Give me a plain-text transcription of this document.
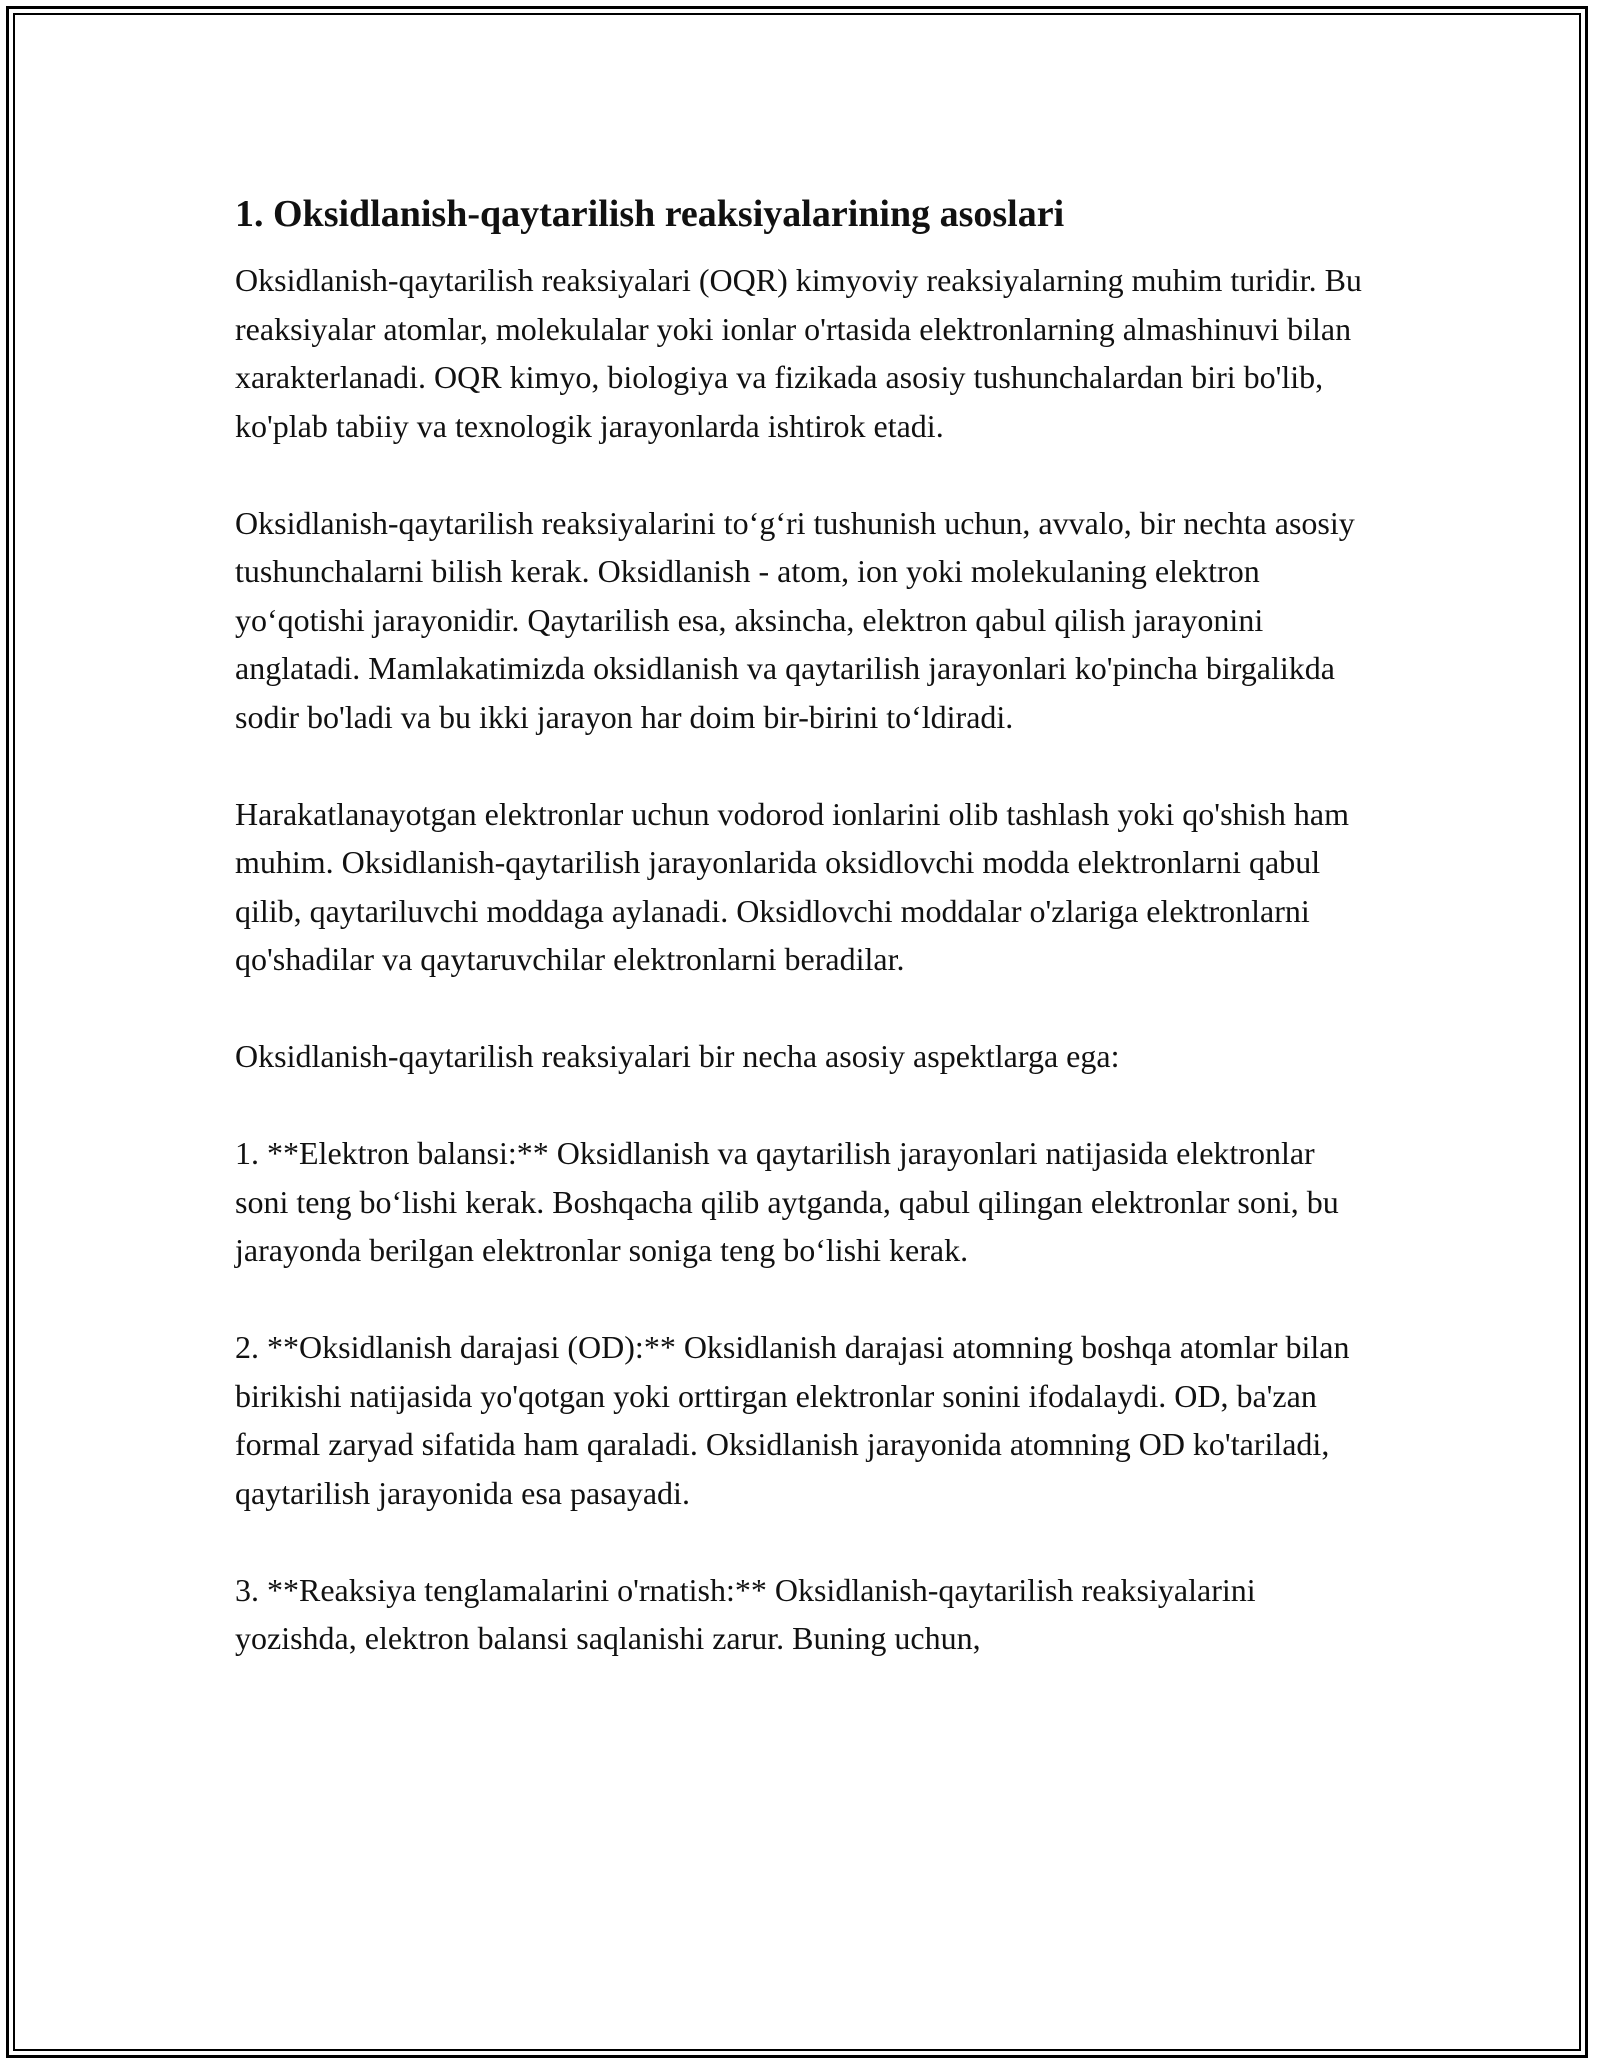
1. Oksidlanish-qaytarilish reaksiyalarining asoslari

Oksidlanish-qaytarilish reaksiyalari (OQR) kimyoviy reaksiyalarning muhim turidir. Bu reaksiyalar atomlar, molekulalar yoki ionlar o'rtasida elektronlarning almashinuvi bilan xarakterlanadi. OQR kimyo, biologiya va fizikada asosiy tushunchalardan biri bo'lib, ko'plab tabiiy va texnologik jarayonlarda ishtirok etadi.

Oksidlanish-qaytarilish reaksiyalarini to‘g‘ri tushunish uchun, avvalo, bir nechta asosiy tushunchalarni bilish kerak. Oksidlanish - atom, ion yoki molekulaning elektron yo‘qotishi jarayonidir. Qaytarilish esa, aksincha, elektron qabul qilish jarayonini anglatadi. Mamlakatimizda oksidlanish va qaytarilish jarayonlari ko'pincha birgalikda sodir bo'ladi va bu ikki jarayon har doim bir-birini to‘ldiradi.

Harakatlanayotgan elektronlar uchun vodorod ionlarini olib tashlash yoki qo'shish ham muhim. Oksidlanish-qaytarilish jarayonlarida oksidlovchi modda elektronlarni qabul qilib, qaytariluvchi moddaga aylanadi. Oksidlovchi moddalar o'zlariga elektronlarni qo'shadilar va qaytaruvchilar elektronlarni beradilar.

Oksidlanish-qaytarilish reaksiyalari bir necha asosiy aspektlarga ega:

1. **Elektron balansi:** Oksidlanish va qaytarilish jarayonlari natijasida elektronlar soni teng bo‘lishi kerak. Boshqacha qilib aytganda, qabul qilingan elektronlar soni, bu jarayonda berilgan elektronlar soniga teng bo‘lishi kerak.

2. **Oksidlanish darajasi (OD):** Oksidlanish darajasi atomning boshqa atomlar bilan birikishi natijasida yo'qotgan yoki orttirgan elektronlar sonini ifodalaydi. OD, ba'zan formal zaryad sifatida ham qaraladi. Oksidlanish jarayonida atomning OD ko'tariladi, qaytarilish jarayonida esa pasayadi.

3. **Reaksiya tenglamalarini o'rnatish:** Oksidlanish-qaytarilish reaksiyalarini yozishda, elektron balansi saqlanishi zarur. Buning uchun,
